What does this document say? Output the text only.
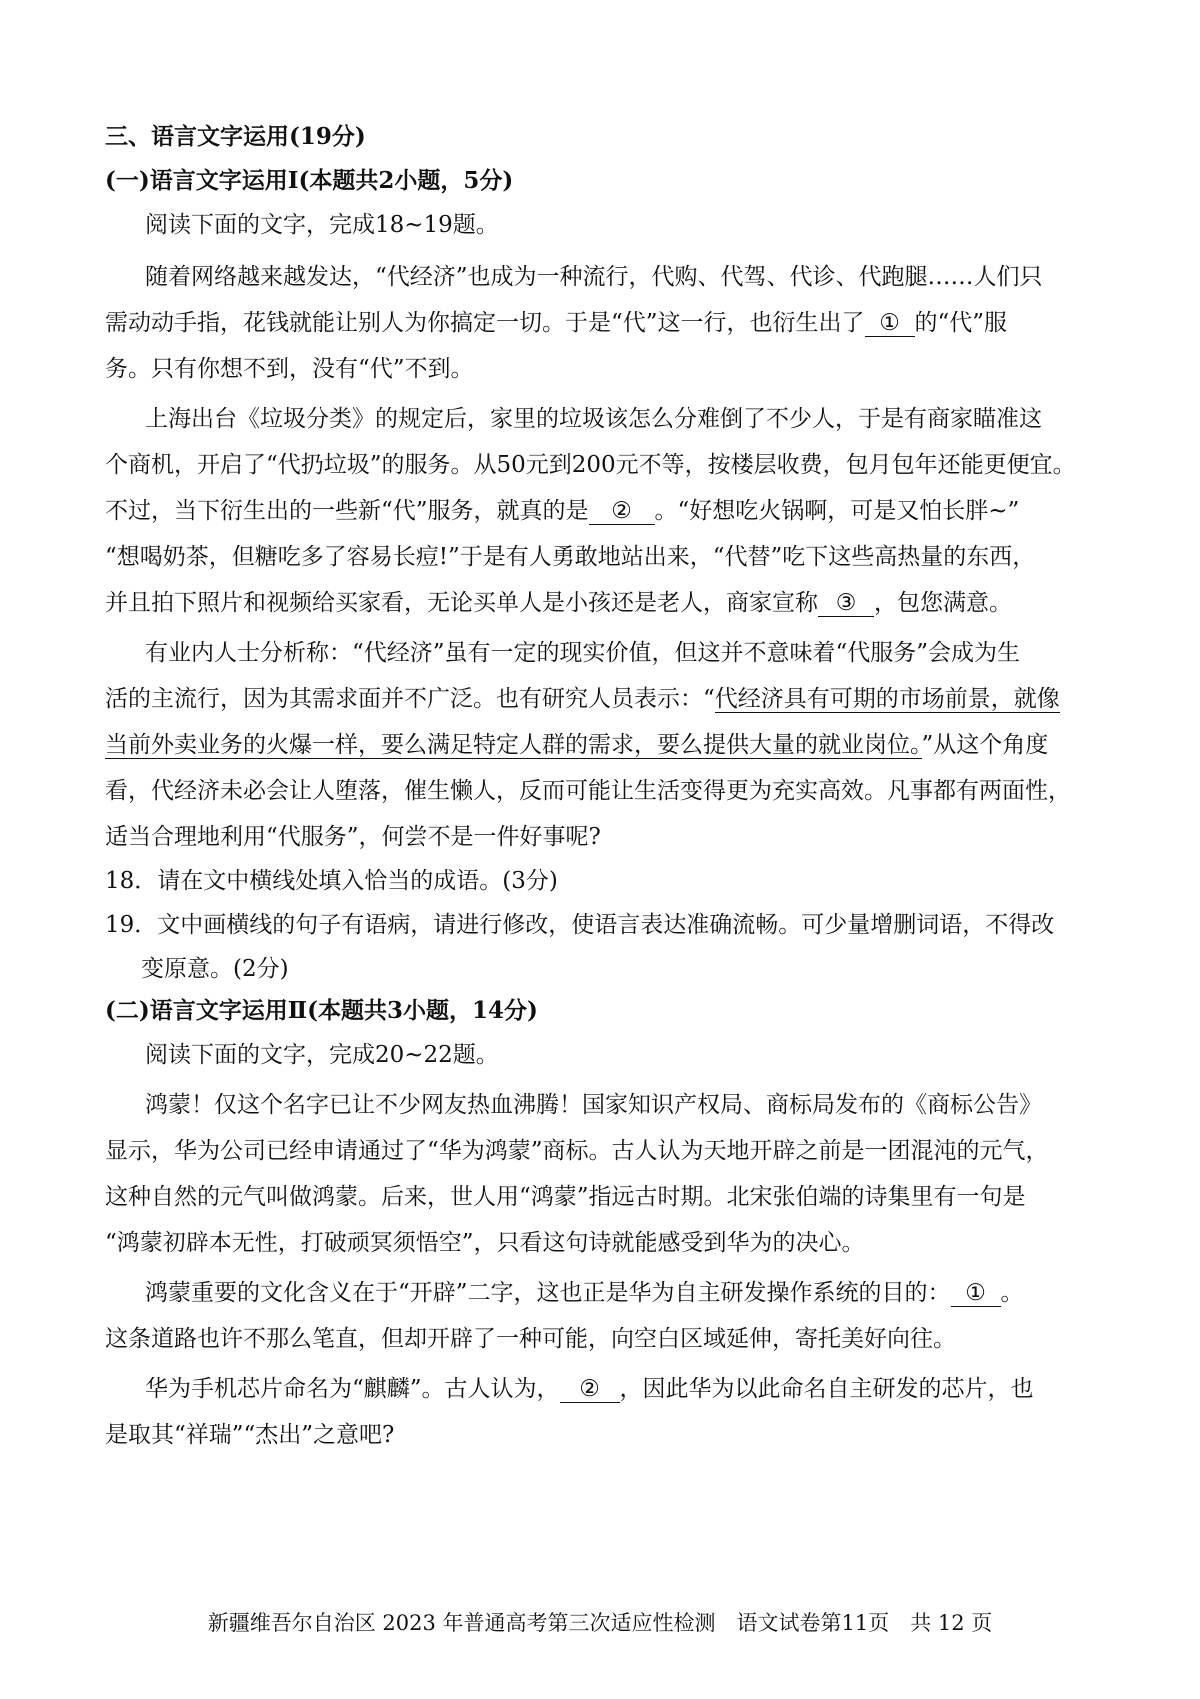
三、语言文字运用(19分)
(一)语言文字运用Ⅰ(本题共2小题，5分)
阅读下面的文字，完成18~19题。
随着网络越来越发达，“代经济”也成为一种流行，代购、代驾、代诊、代跑腿……人们只
需动动手指，花钱就能让别人为你搞定一切。于是“代”这一行，也衍生出了 ① 的“代”服
务。只有你想不到，没有“代”不到。
上海出台《垃圾分类》的规定后，家里的垃圾该怎么分难倒了不少人，于是有商家瞄准这
个商机，开启了“代扔垃圾”的服务。从50元到200元不等，按楼层收费，包月包年还能更便宜。
不过，当下衍生出的一些新“代”服务，就真的是 ② 。“好想吃火锅啊，可是又怕长胖~”
“想喝奶茶，但糖吃多了容易长痘!”于是有人勇敢地站出来，“代替”吃下这些高热量的东西，
并且拍下照片和视频给买家看，无论买单人是小孩还是老人，商家宣称 ③ ，包您满意。
有业内人士分析称：“代经济”虽有一定的现实价值，但这并不意味着“代服务”会成为生
活的主流行，因为其需求面并不广泛。也有研究人员表示：“代经济具有可期的市场前景，就像
当前外卖业务的火爆一样，要么满足特定人群的需求，要么提供大量的就业岗位。”从这个角度
看，代经济未必会让人堕落，催生懒人，反而可能让生活变得更为充实高效。凡事都有两面性，
适当合理地利用“代服务”，何尝不是一件好事呢?
18．请在文中横线处填入恰当的成语。(3分)
19．文中画横线的句子有语病，请进行修改，使语言表达准确流畅。可少量增删词语，不得改
变原意。(2分)
(二)语言文字运用Ⅱ(本题共3小题，14分)
阅读下面的文字，完成20~22题。
鸿蒙！仅这个名字已让不少网友热血沸腾！国家知识产权局、商标局发布的《商标公告》
显示，华为公司已经申请通过了“华为鸿蒙”商标。古人认为天地开辟之前是一团混沌的元气，
这种自然的元气叫做鸿蒙。后来，世人用“鸿蒙”指远古时期。北宋张伯端的诗集里有一句是
“鸿蒙初辟本无性，打破顽冥须悟空”，只看这句诗就能感受到华为的决心。
鸿蒙重要的文化含义在于“开辟”二字，这也正是华为自主研发操作系统的目的： ① 。
这条道路也许不那么笔直，但却开辟了一种可能，向空白区域延伸，寄托美好向往。
华为手机芯片命名为“麒麟”。古人认为， ② ，因此华为以此命名自主研发的芯片，也
是取其“祥瑞”“杰出”之意吧?
新疆维吾尔自治区 2023 年普通高考第三次适应性检测　语文试卷第11页　共 12 页
